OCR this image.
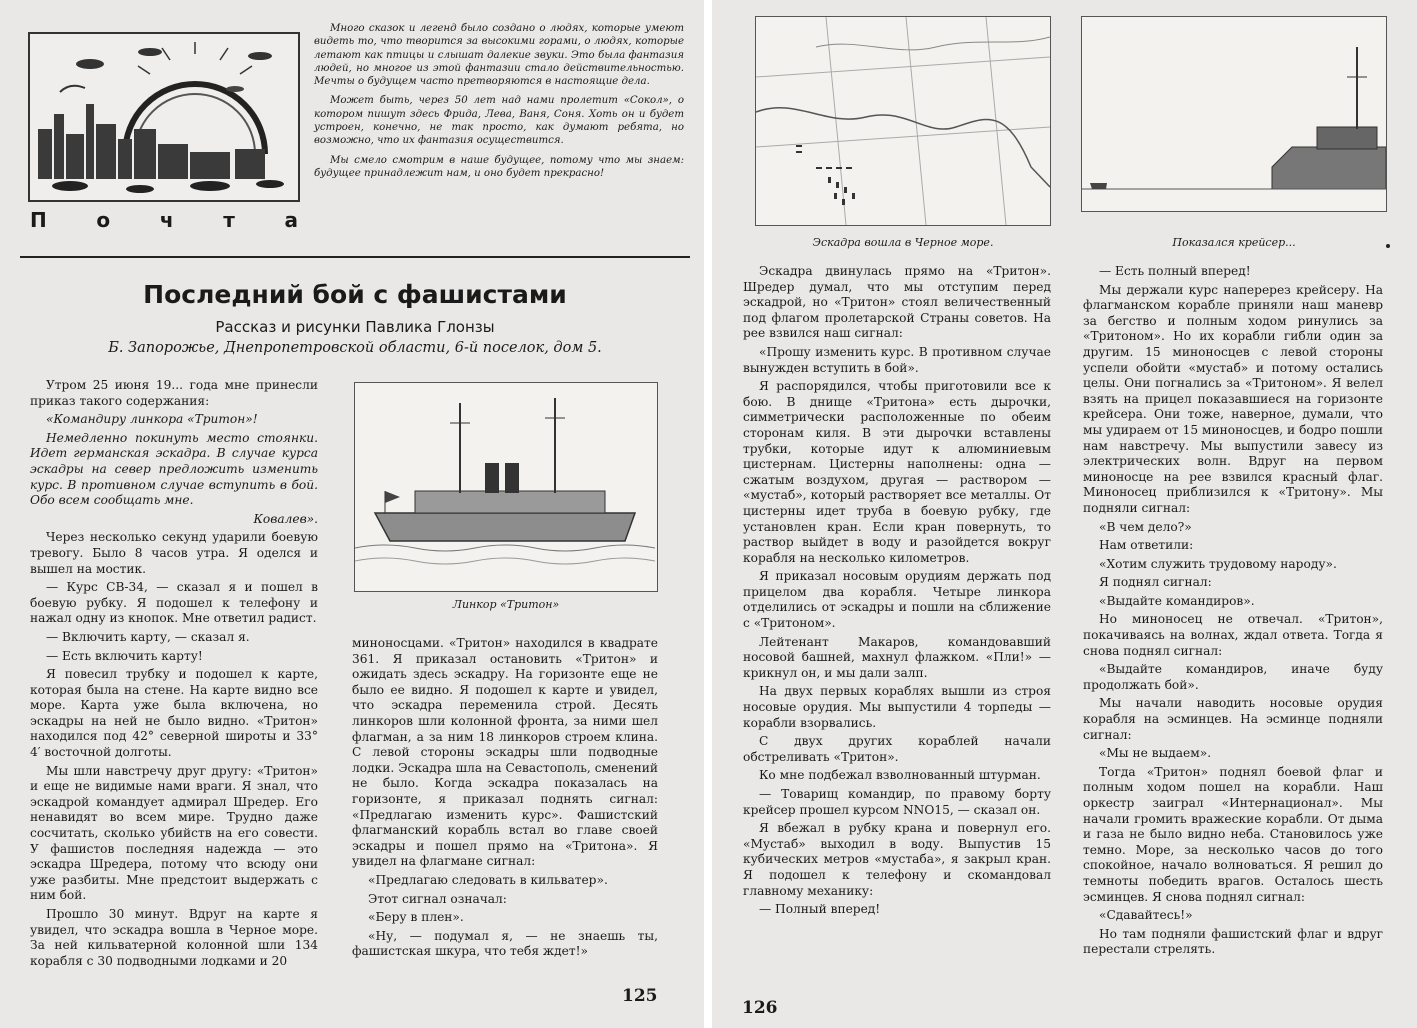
Много сказок и легенд было создано о людях, которые умеют видеть то, что творится за высокими горами, о людях, которые летают как птицы и слышат далекие звуки. Это была фантазия людей, но многое из этой фантазии стало действительностью. Мечты о будущем часто претворяются в настоящие дела.

Может быть, через 50 лет над нами пролетит «Сокол», о котором пишут здесь Фрида, Лева, Ваня, Соня. Хоть он и будет устроен, конечно, не так просто, как думают ребята, но возможно, что их фантазия осуществится.

Мы смело смотрим в наше будущее, потому что мы знаем: будущее принадлежит нам, и оно будет прекрасно!

П о ч т а
Последний бой с фашистами
Рассказ и рисунки Павлика Глонзы
Б. Запорожье, Днепропетровской области, 6-й поселок, дом 5.

Утром 25 июня 19... года мне принесли приказ такого содержания:

«Командиру линкора «Тритон»!

Немедленно покинуть место стоянки. Идет германская эскадра. В случае курса эскадры на север предложить изменить курс. В противном случае вступить в бой. Обо всем сообщать мне.

Ковалев».

Через несколько секунд ударили боевую тревогу. Было 8 часов утра. Я оделся и вышел на мостик.

— Курс СВ-34, — сказал я и пошел в боевую рубку. Я подошел к телефону и нажал одну из кнопок. Мне ответил радист.

— Включить карту, — сказал я.

— Есть включить карту!

Я повесил трубку и подошел к карте, которая была на стене. На карте видно все море. Карта уже была включена, но эскадры на ней не было видно. «Тритон» находился под 42° северной широты и 33° 4′ восточной долготы.

Мы шли навстречу друг другу: «Тритон» и еще не видимые нами враги. Я знал, что эскадрой командует адмирал Шредер. Его ненавидят во всем мире. Трудно даже сосчитать, сколько убийств на его совести. У фашистов последняя надежда — это эскадра Шредера, потому что всюду они уже разбиты. Мне предстоит выдержать с ним бой.

Прошло 30 минут. Вдруг на карте я увидел, что эскадра вошла в Черное море. За ней кильватерной колонной шли 134 корабля с 30 подводными лодками и 20

Линкор «Тритон»

миноносцами. «Тритон» находился в квадрате 361. Я приказал остановить «Тритон» и ожидать здесь эскадру. На горизонте еще не было ее видно. Я подошел к карте и увидел, что эскадра переменила строй. Десять линкоров шли колонной фронта, за ними шел флагман, а за ним 18 линкоров строем клина. С левой стороны эскадры шли подводные лодки. Эскадра шла на Севастополь, сменений не было. Когда эскадра показалась на горизонте, я приказал поднять сигнал: «Предлагаю изменить курс». Фашистский флагманский корабль встал во главе своей эскадры и пошел прямо на «Тритона». Я увидел на флагмане сигнал:

«Предлагаю следовать в кильватер».

Этот сигнал означал:

«Беру в плен».

«Ну, — подумал я, — не знаешь ты, фашистская шкура, что тебя ждет!»

125
Эскадра вошла в Черное море.	Показался крейсер...

Эскадра двинулась прямо на «Тритон». Шредер думал, что мы отступим перед эскадрой, но «Тритон» стоял величественный под флагом пролетарской Страны советов. На рее взвился наш сигнал:

«Прошу изменить курс. В противном случае вынужден вступить в бой».

Я распорядился, чтобы приготовили все к бою. В днище «Тритона» есть дырочки, симметрически расположенные по обеим сторонам киля. В эти дырочки вставлены трубки, которые идут к алюминиевым цистернам. Цистерны наполнены: одна — сжатым воздухом, другая — раствором — «мустаб», который растворяет все металлы. От цистерны идет труба в боевую рубку, где установлен кран. Если кран повернуть, то раствор выйдет в воду и разойдется вокруг корабля на несколько километров.

Я приказал носовым орудиям держать под прицелом два корабля. Четыре линкора отделились от эскадры и пошли на сближение с «Тритоном».

Лейтенант Макаров, командовавший носовой башней, махнул флажком. «Пли!» — крикнул он, и мы дали залп.

На двух первых кораблях вышли из строя носовые орудия. Мы выпустили 4 торпеды — корабли взорвались.

С двух других кораблей начали обстреливать «Тритон».

Ко мне подбежал взволнованный штурман.

— Товарищ командир, по правому борту крейсер прошел курсом NNO15, — сказал он.

Я вбежал в рубку крана и повернул его. «Мустаб» выходил в воду. Выпустив 15 кубических метров «мустаба», я закрыл кран. Я подошел к телефону и скомандовал главному механику:

— Полный вперед!

— Есть полный вперед!

Мы держали курс наперерез крейсеру. На флагманском корабле приняли наш маневр за бегство и полным ходом ринулись за «Тритоном». Но их корабли гибли один за другим. 15 миноносцев с левой стороны успели обойти «мустаб» и потому остались целы. Они погнались за «Тритоном». Я велел взять на прицел показавшиеся на горизонте крейсера. Они тоже, наверное, думали, что мы удираем от 15 миноносцев, и бодро пошли нам навстречу. Мы выпустили завесу из электрических волн. Вдруг на первом миноносце на рее взвился красный флаг. Миноносец приблизился к «Тритону». Мы подняли сигнал:

«В чем дело?»

Нам ответили:

«Хотим служить трудовому народу».

Я поднял сигнал:

«Выдайте командиров».

Но миноносец не отвечал. «Тритон», покачиваясь на волнах, ждал ответа. Тогда я снова поднял сигнал:

«Выдайте командиров, иначе буду продолжать бой».

Мы начали наводить носовые орудия корабля на эсминцев. На эсминце подняли сигнал:

«Мы не выдаем».

Тогда «Тритон» поднял боевой флаг и полным ходом пошел на корабли. Наш оркестр заиграл «Интернационал». Мы начали громить вражеские корабли. От дыма и газа не было видно неба. Становилось уже темно. Море, за несколько часов до того спокойное, начало волноваться. Я решил до темноты победить врагов. Осталось шесть эсминцев. Я снова поднял сигнал:

«Сдавайтесь!»

Но там подняли фашистский флаг и вдруг перестали стрелять.

126
